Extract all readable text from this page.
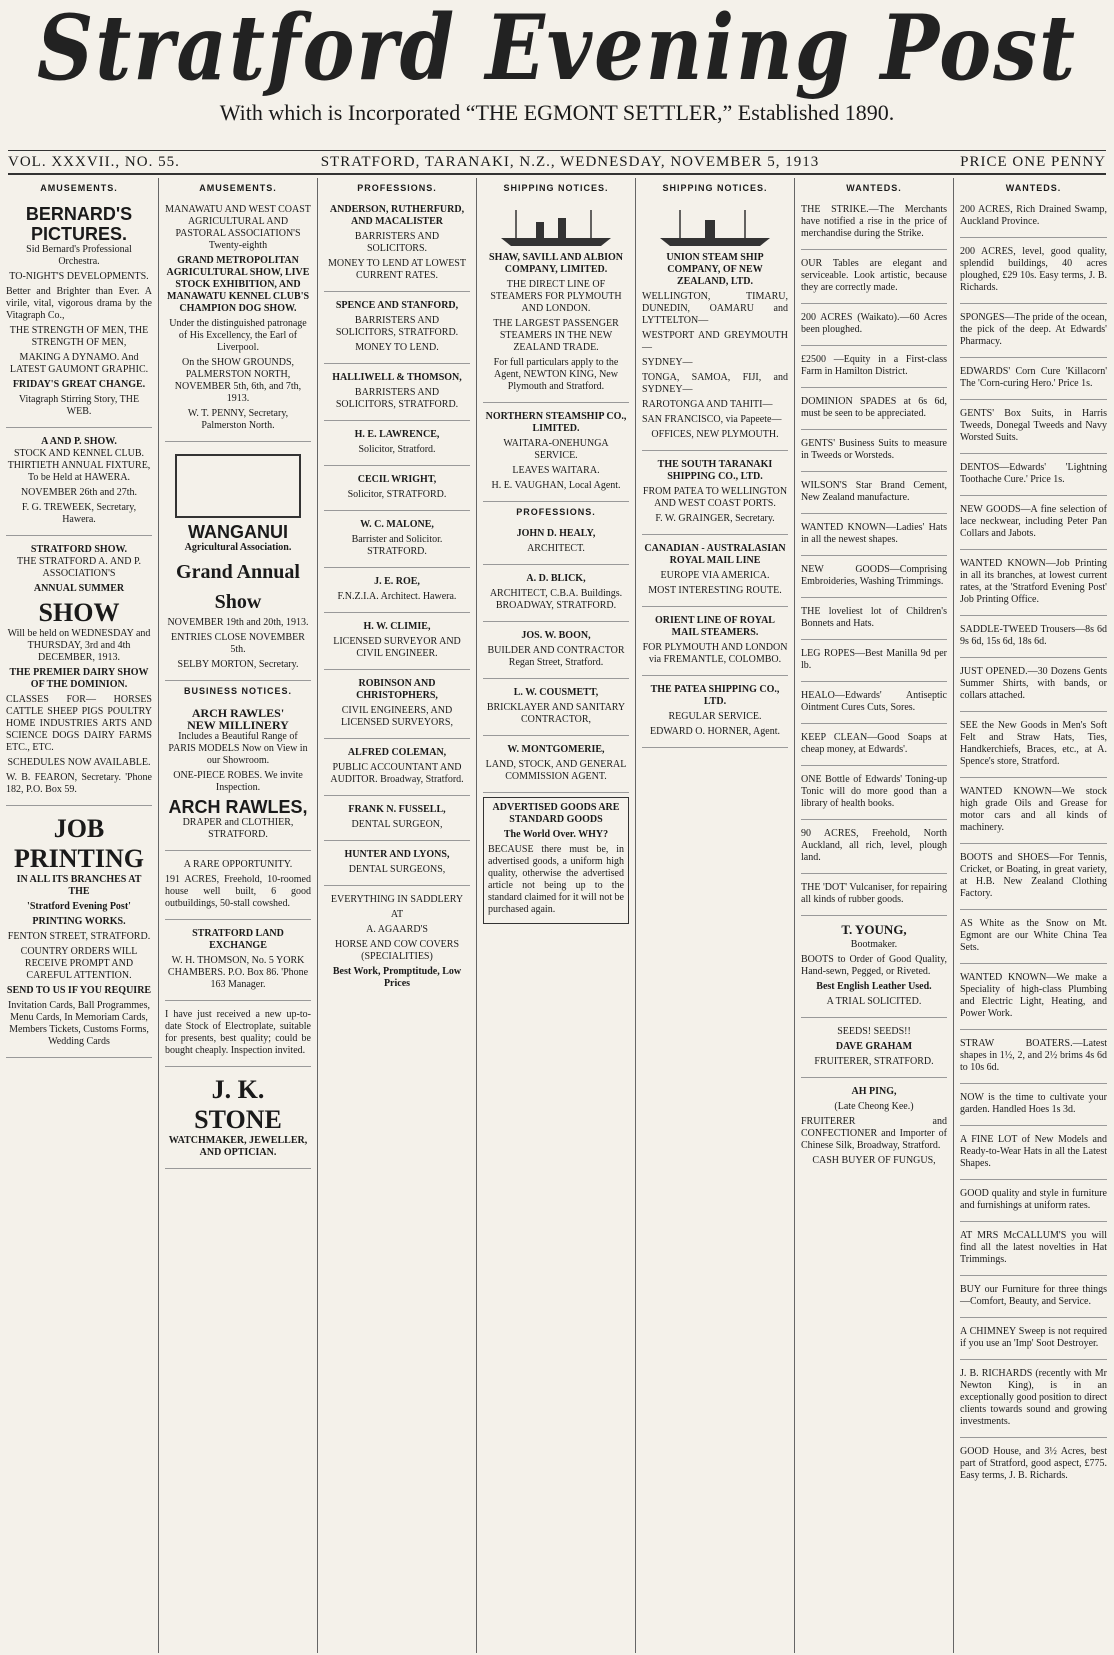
Stratford Evening Post
With which is Incorporated “THE EGMONT SETTLER,” Established 1890.
VOL. XXXVII., NO. 55.	STRATFORD, TARANAKI, N.Z., WEDNESDAY, NOVEMBER 5, 1913	PRICE ONE PENNY
AMUSEMENTS.
BERNARD'S PICTURES.

Sid Bernard's Professional Orchestra.

TO-NIGHT'S DEVELOPMENTS.

Better and Brighter than Ever. A virile, vital, vigorous drama by the Vitagraph Co.,

THE STRENGTH OF MEN, THE STRENGTH OF MEN,

MAKING A DYNAMO. And LATEST GAUMONT GRAPHIC.

FRIDAY'S GREAT CHANGE.

Vitagraph Stirring Story, THE WEB.

A AND P. SHOW.

STOCK AND KENNEL CLUB. THIRTIETH ANNUAL FIXTURE, To be Held at HAWERA.

NOVEMBER 26th and 27th.

F. G. TREWEEK, Secretary, Hawera.

STRATFORD SHOW.

THE STRATFORD A. AND P. ASSOCIATION'S

ANNUAL SUMMER

SHOW

Will be held on WEDNESDAY and THURSDAY, 3rd and 4th DECEMBER, 1913.

THE PREMIER DAIRY SHOW OF THE DOMINION.

CLASSES FOR— HORSES CATTLE SHEEP PIGS POULTRY HOME INDUSTRIES ARTS AND SCIENCE DOGS DAIRY FARMS ETC., ETC.

SCHEDULES NOW AVAILABLE.

W. B. FEARON, Secretary. 'Phone 182, P.O. Box 59.

JOB
PRINTING

IN ALL ITS BRANCHES AT THE

'Stratford Evening Post'

PRINTING WORKS.

FENTON STREET, STRATFORD.

COUNTRY ORDERS WILL RECEIVE PROMPT AND CAREFUL ATTENTION.

SEND TO US IF YOU REQUIRE

Invitation Cards, Ball Programmes, Menu Cards, In Memoriam Cards, Members Tickets, Customs Forms, Wedding Cards

AMUSEMENTS.

MANAWATU AND WEST COAST AGRICULTURAL AND PASTORAL ASSOCIATION'S Twenty-eighth

GRAND METROPOLITAN AGRICULTURAL SHOW, LIVE STOCK EXHIBITION, AND MANAWATU KENNEL CLUB'S CHAMPION DOG SHOW.

Under the distinguished patronage of His Excellency, the Earl of Liverpool.

On the SHOW GROUNDS, PALMERSTON NORTH, NOVEMBER 5th, 6th, and 7th, 1913.

W. T. PENNY, Secretary, Palmerston North.

WANGANUI

Agricultural Association.

Grand Annual Show

NOVEMBER 19th and 20th, 1913.

ENTRIES CLOSE NOVEMBER 5th.

SELBY MORTON, Secretary.

BUSINESS NOTICES.
ARCH RAWLES'
NEW MILLINERY

Includes a Beautiful Range of PARIS MODELS Now on View in our Showroom.

ONE-PIECE ROBES. We invite Inspection.

ARCH RAWLES,

DRAPER and CLOTHIER, STRATFORD.

A RARE OPPORTUNITY.

191 ACRES, Freehold, 10-roomed house well built, 6 good outbuildings, 50-stall cowshed.

STRATFORD LAND EXCHANGE

W. H. THOMSON, No. 5 YORK CHAMBERS. P.O. Box 86. 'Phone 163 Manager.

I have just received a new up-to-date Stock of Electroplate, suitable for presents, best quality; could be bought cheaply. Inspection invited.

J. K. STONE

WATCHMAKER, JEWELLER, AND OPTICIAN.

PROFESSIONS.

ANDERSON, RUTHERFURD, AND MACALISTER

BARRISTERS AND SOLICITORS.

MONEY TO LEND AT LOWEST CURRENT RATES.

SPENCE AND STANFORD,

BARRISTERS AND SOLICITORS, STRATFORD.

MONEY TO LEND.

HALLIWELL & THOMSON,

BARRISTERS AND SOLICITORS, STRATFORD.

H. E. LAWRENCE,

Solicitor, Stratford.

CECIL WRIGHT,

Solicitor, STRATFORD.

W. C. MALONE,

Barrister and Solicitor. STRATFORD.

J. E. ROE,

F.N.Z.I.A. Architect. Hawera.

H. W. CLIMIE,

LICENSED SURVEYOR AND CIVIL ENGINEER.

ROBINSON AND CHRISTOPHERS,

CIVIL ENGINEERS, AND LICENSED SURVEYORS,

ALFRED COLEMAN,

PUBLIC ACCOUNTANT AND AUDITOR. Broadway, Stratford.

FRANK N. FUSSELL,

DENTAL SURGEON,

HUNTER AND LYONS,

DENTAL SURGEONS,

EVERYTHING IN SADDLERY

AT

A. AGAARD'S

HORSE AND COW COVERS (SPECIALITIES)

Best Work, Promptitude, Low Prices

SHIPPING NOTICES.

SHAW, SAVILL AND ALBION COMPANY, LIMITED.

THE DIRECT LINE OF STEAMERS FOR PLYMOUTH AND LONDON.

THE LARGEST PASSENGER STEAMERS IN THE NEW ZEALAND TRADE.

For full particulars apply to the Agent, NEWTON KING, New Plymouth and Stratford.

NORTHERN STEAMSHIP CO., LIMITED.

WAITARA-ONEHUNGA SERVICE.

LEAVES WAITARA.

H. E. VAUGHAN, Local Agent.

PROFESSIONS.

JOHN D. HEALY,

ARCHITECT.

A. D. BLICK,

ARCHITECT, C.B.A. Buildings. BROADWAY, STRATFORD.

JOS. W. BOON,

BUILDER AND CONTRACTOR Regan Street, Stratford.

L. W. COUSMETT,

BRICKLAYER AND SANITARY CONTRACTOR,

W. MONTGOMERIE,

LAND, STOCK, AND GENERAL COMMISSION AGENT.

ADVERTISED GOODS ARE STANDARD GOODS

The World Over. WHY?

BECAUSE there must be, in advertised goods, a uniform high quality, otherwise the advertised article not being up to the standard claimed for it will not be purchased again.

SHIPPING NOTICES.

UNION STEAM SHIP COMPANY, OF NEW ZEALAND, LTD.

WELLINGTON, TIMARU, DUNEDIN, OAMARU and LYTTELTON—

WESTPORT AND GREYMOUTH—

SYDNEY—

TONGA, SAMOA, FIJI, and SYDNEY—

RAROTONGA AND TAHITI—

SAN FRANCISCO, via Papeete—

OFFICES, NEW PLYMOUTH.

THE SOUTH TARANAKI SHIPPING CO., LTD.

FROM PATEA TO WELLINGTON AND WEST COAST PORTS.

F. W. GRAINGER, Secretary.

CANADIAN - AUSTRALASIAN ROYAL MAIL LINE

EUROPE VIA AMERICA.

MOST INTERESTING ROUTE.

ORIENT LINE OF ROYAL MAIL STEAMERS.

FOR PLYMOUTH AND LONDON via FREMANTLE, COLOMBO.

THE PATEA SHIPPING CO., LTD.

REGULAR SERVICE.

EDWARD O. HORNER, Agent.

WANTEDS.

THE STRIKE.—The Merchants have notified a rise in the price of merchandise during the Strike.

OUR Tables are elegant and serviceable. Look artistic, because they are correctly made.

200 ACRES (Waikato).—60 Acres been ploughed.

£2500 —Equity in a First-class Farm in Hamilton District.

DOMINION SPADES at 6s 6d, must be seen to be appreciated.

GENTS' Business Suits to measure in Tweeds or Worsteds.

WILSON'S Star Brand Cement, New Zealand manufacture.

WANTED KNOWN—Ladies' Hats in all the newest shapes.

NEW GOODS—Comprising Embroideries, Washing Trimmings.

THE loveliest lot of Children's Bonnets and Hats.

LEG ROPES—Best Manilla 9d per lb.

HEALO—Edwards' Antiseptic Ointment Cures Cuts, Sores.

KEEP CLEAN—Good Soaps at cheap money, at Edwards'.

ONE Bottle of Edwards' Toning-up Tonic will do more good than a library of health books.

90 ACRES, Freehold, North Auckland, all rich, level, plough land.

THE 'DOT' Vulcaniser, for repairing all kinds of rubber goods.

T. YOUNG,

Bootmaker.

BOOTS to Order of Good Quality, Hand-sewn, Pegged, or Riveted.

Best English Leather Used.

A TRIAL SOLICITED.

SEEDS! SEEDS!!

DAVE GRAHAM

FRUITERER, STRATFORD.

AH PING,

(Late Cheong Kee.)

FRUITERER and CONFECTIONER and Importer of Chinese Silk, Broadway, Stratford.

CASH BUYER OF FUNGUS,

WANTEDS.

200 ACRES, Rich Drained Swamp, Auckland Province.

200 ACRES, level, good quality, splendid buildings, 40 acres ploughed, £29 10s. Easy terms, J. B. Richards.

SPONGES—The pride of the ocean, the pick of the deep. At Edwards' Pharmacy.

EDWARDS' Corn Cure 'Killacorn' The 'Corn-curing Hero.' Price 1s.

GENTS' Box Suits, in Harris Tweeds, Donegal Tweeds and Navy Worsted Suits.

DENTOS—Edwards' 'Lightning Toothache Cure.' Price 1s.

NEW GOODS—A fine selection of lace neckwear, including Peter Pan Collars and Jabots.

WANTED KNOWN—Job Printing in all its branches, at lowest current rates, at the 'Stratford Evening Post' Job Printing Office.

SADDLE-TWEED Trousers—8s 6d 9s 6d, 15s 6d, 18s 6d.

JUST OPENED.—30 Dozens Gents Summer Shirts, with bands, or collars attached.

SEE the New Goods in Men's Soft Felt and Straw Hats, Ties, Handkerchiefs, Braces, etc., at A. Spence's store, Stratford.

WANTED KNOWN—We stock high grade Oils and Grease for motor cars and all kinds of machinery.

BOOTS and SHOES—For Tennis, Cricket, or Boating, in great variety, at H.B. New Zealand Clothing Factory.

AS White as the Snow on Mt. Egmont are our White China Tea Sets.

WANTED KNOWN—We make a Speciality of high-class Plumbing and Electric Light, Heating, and Power Work.

STRAW BOATERS.—Latest shapes in 1½, 2, and 2½ brims 4s 6d to 10s 6d.

NOW is the time to cultivate your garden. Handled Hoes 1s 3d.

A FINE LOT of New Models and Ready-to-Wear Hats in all the Latest Shapes.

GOOD quality and style in furniture and furnishings at uniform rates.

AT MRS McCALLUM'S you will find all the latest novelties in Hat Trimmings.

BUY our Furniture for three things —Comfort, Beauty, and Service.

A CHIMNEY Sweep is not required if you use an 'Imp' Soot Destroyer.

J. B. RICHARDS (recently with Mr Newton King), is in an exceptionally good position to direct clients towards sound and growing investments.

GOOD House, and 3½ Acres, best part of Stratford, good aspect, £775. Easy terms, J. B. Richards.
